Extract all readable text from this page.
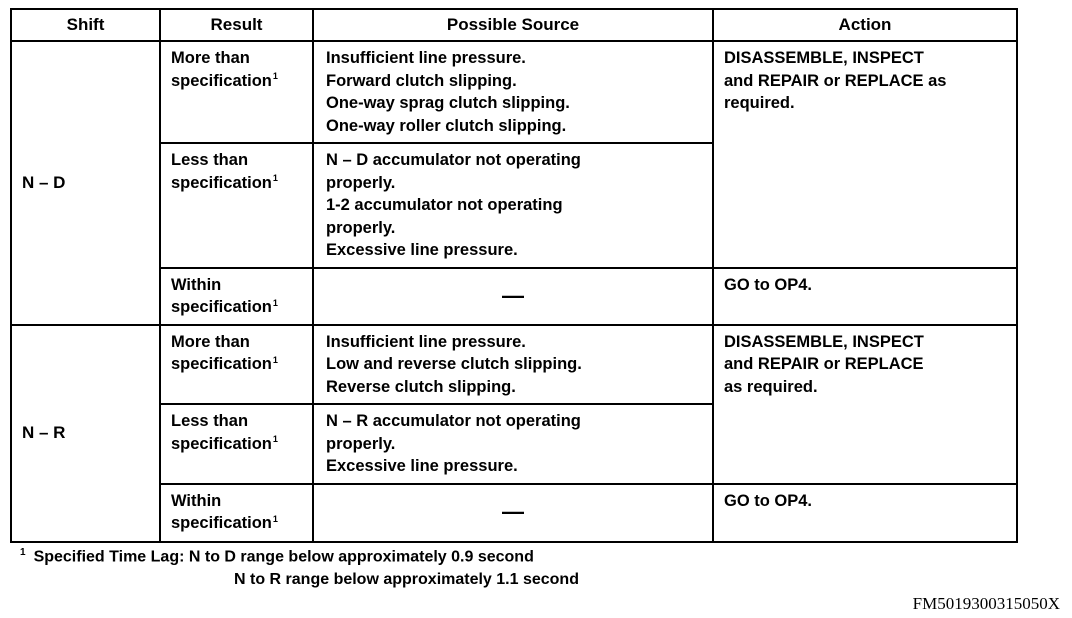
Shift	Result	Possible Source	Action
N – D	More than
specification 1	Insufficient line pressure.
Forward clutch slipping.
One-way sprag clutch slipping.
One-way roller clutch slipping.	DISASSEMBLE, INSPECT
and REPAIR or REPLACE as
required.

	Less than
specification 1	N – D accumulator not operating
properly.
1-2 accumulator not operating
properly.
Excessive line pressure.	

	Within
specification 1	—	GO to OP4.

N – R	More than
specification 1	Insufficient line pressure.
Low and reverse clutch slipping.
Reverse clutch slipping.	DISASSEMBLE, INSPECT
and REPAIR or REPLACE
as required.

	Less than
specification 1	N – R accumulator not operating
properly.
Excessive line pressure.	

	Within
specification 1	—	GO to OP4.
$^1$ Specified Time Lag: N to D range below approximately 0.9 second
N to R range below approximately 1.1 second
FM5019300315050X
